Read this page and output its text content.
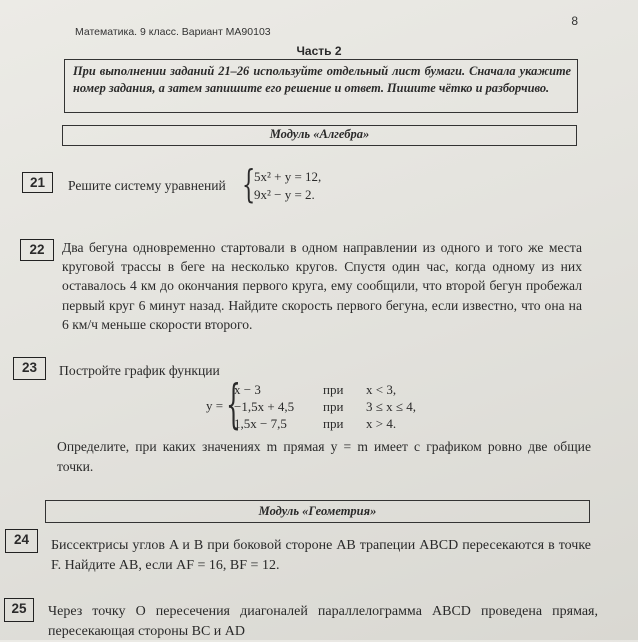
Математика. 9 класс. Вариант МА90103
8
Часть 2
При выполнении заданий 21–26 используйте отдельный лист бумаги. Сначала укажите номер задания, а затем запишите его решение и ответ. Пишите чётко и разборчиво.
Модуль «Алгебра»
21	Решите систему уравнений {
5x² + y = 12,
9x² − y = 2.
22	Два бегуна одновременно стартовали в одном направлении из одного и того же места круговой трассы в беге на несколько кругов. Спустя один час, когда одному из них оставалось 4 км до окончания первого круга, ему сообщили, что второй бегун пробежал первый круг 6 минут назад. Найдите скорость первого бегуна, если известно, что она на 6 км/ч меньше скорости второго.
23	Постройте график функции
y = {
x − 3	при x < 3,
−1,5x + 4,5 при 3 ≤ x ≤ 4,
1,5x − 7,5	при x > 4.
Определите, при каких значениях m прямая y = m имеет с графиком ровно две общие точки.
Модуль «Геометрия»
24	Биссектрисы углов A и B при боковой стороне AB трапеции ABCD пересекаются в точке F. Найдите AB, если AF = 16, BF = 12.
25	Через точку O пересечения диагоналей параллелограмма ABCD проведена прямая, пересекающая стороны BC и AD
